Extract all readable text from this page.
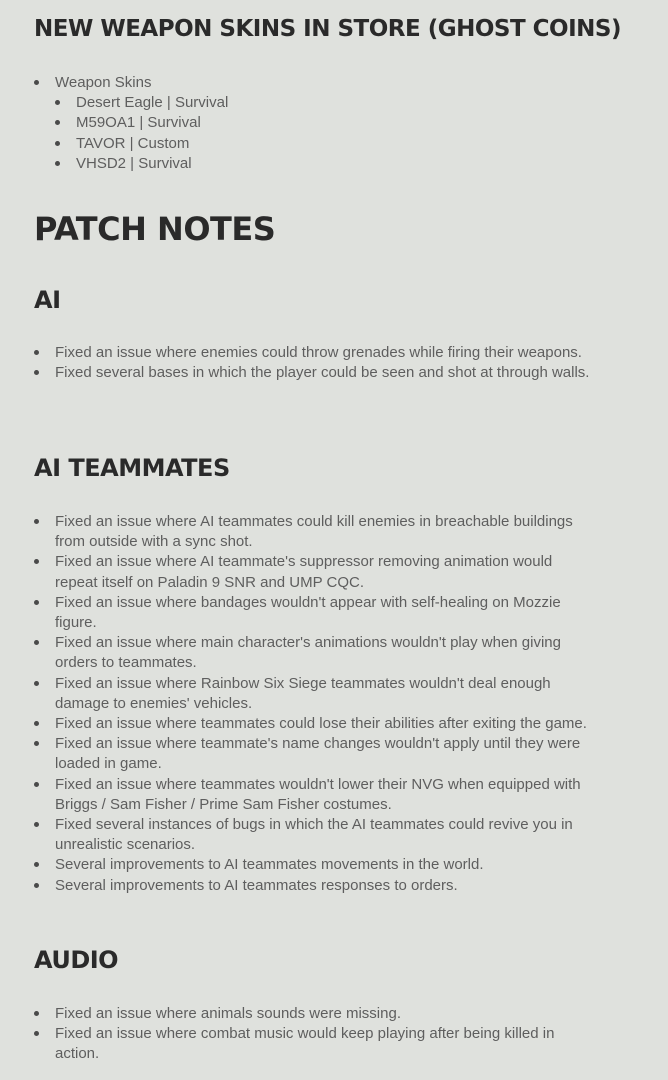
NEW WEAPON SKINS IN STORE (GHOST COINS)
Weapon Skins
Desert Eagle | Survival
M59OA1 | Survival
TAVOR | Custom
VHSD2 | Survival
PATCH NOTES
AI
Fixed an issue where enemies could throw grenades while firing their weapons.
Fixed several bases in which the player could be seen and shot at through walls.
AI TEAMMATES
Fixed an issue where AI teammates could kill enemies in breachable buildings from outside with a sync shot.
Fixed an issue where AI teammate's suppressor removing animation would repeat itself on Paladin 9 SNR and UMP CQC.
Fixed an issue where bandages wouldn't appear with self-healing on Mozzie figure.
Fixed an issue where main character's animations wouldn't play when giving orders to teammates.
Fixed an issue where Rainbow Six Siege teammates wouldn't deal enough damage to enemies' vehicles.
Fixed an issue where teammates could lose their abilities after exiting the game.
Fixed an issue where teammate's name changes wouldn't apply until they were loaded in game.
Fixed an issue where teammates wouldn't lower their NVG when equipped with Briggs / Sam Fisher / Prime Sam Fisher costumes.
Fixed several instances of bugs in which the AI teammates could revive you in unrealistic scenarios.
Several improvements to AI teammates movements in the world.
Several improvements to AI teammates responses to orders.
AUDIO
Fixed an issue where animals sounds were missing.
Fixed an issue where combat music would keep playing after being killed in action.
